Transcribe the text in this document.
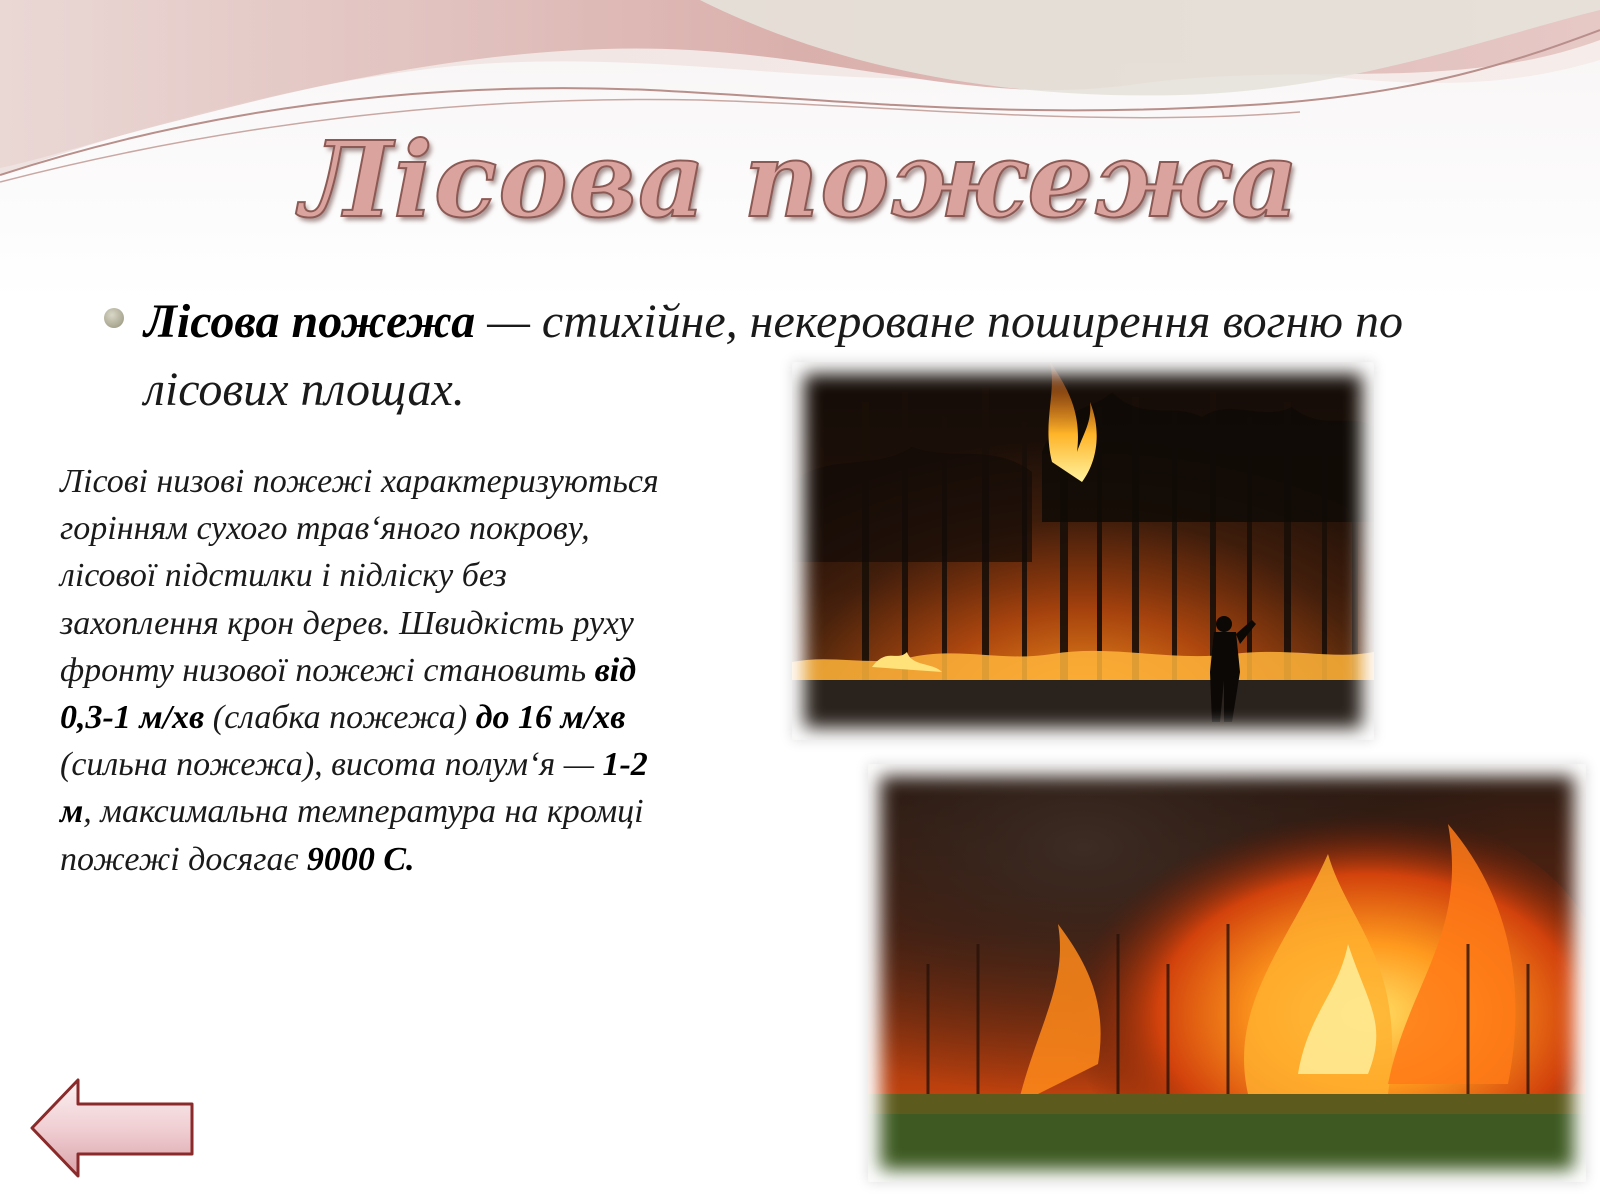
Лісова пожежа
Лісова пожежа — стихійне, некероване поширення вогню по лісових площах.
Лісові низові пожежі характеризуються горінням сухого трав‘яного покрову, лісової підстилки і підліску без захоплення крон дерев. Швидкість руху фронту низової пожежі становить від 0,3-1 м/хв (слабка пожежа) до 16 м/хв (сильна пожежа), висота полум‘я — 1-2 м, максимальна температура на кромці пожежі досягає 9000 С.
